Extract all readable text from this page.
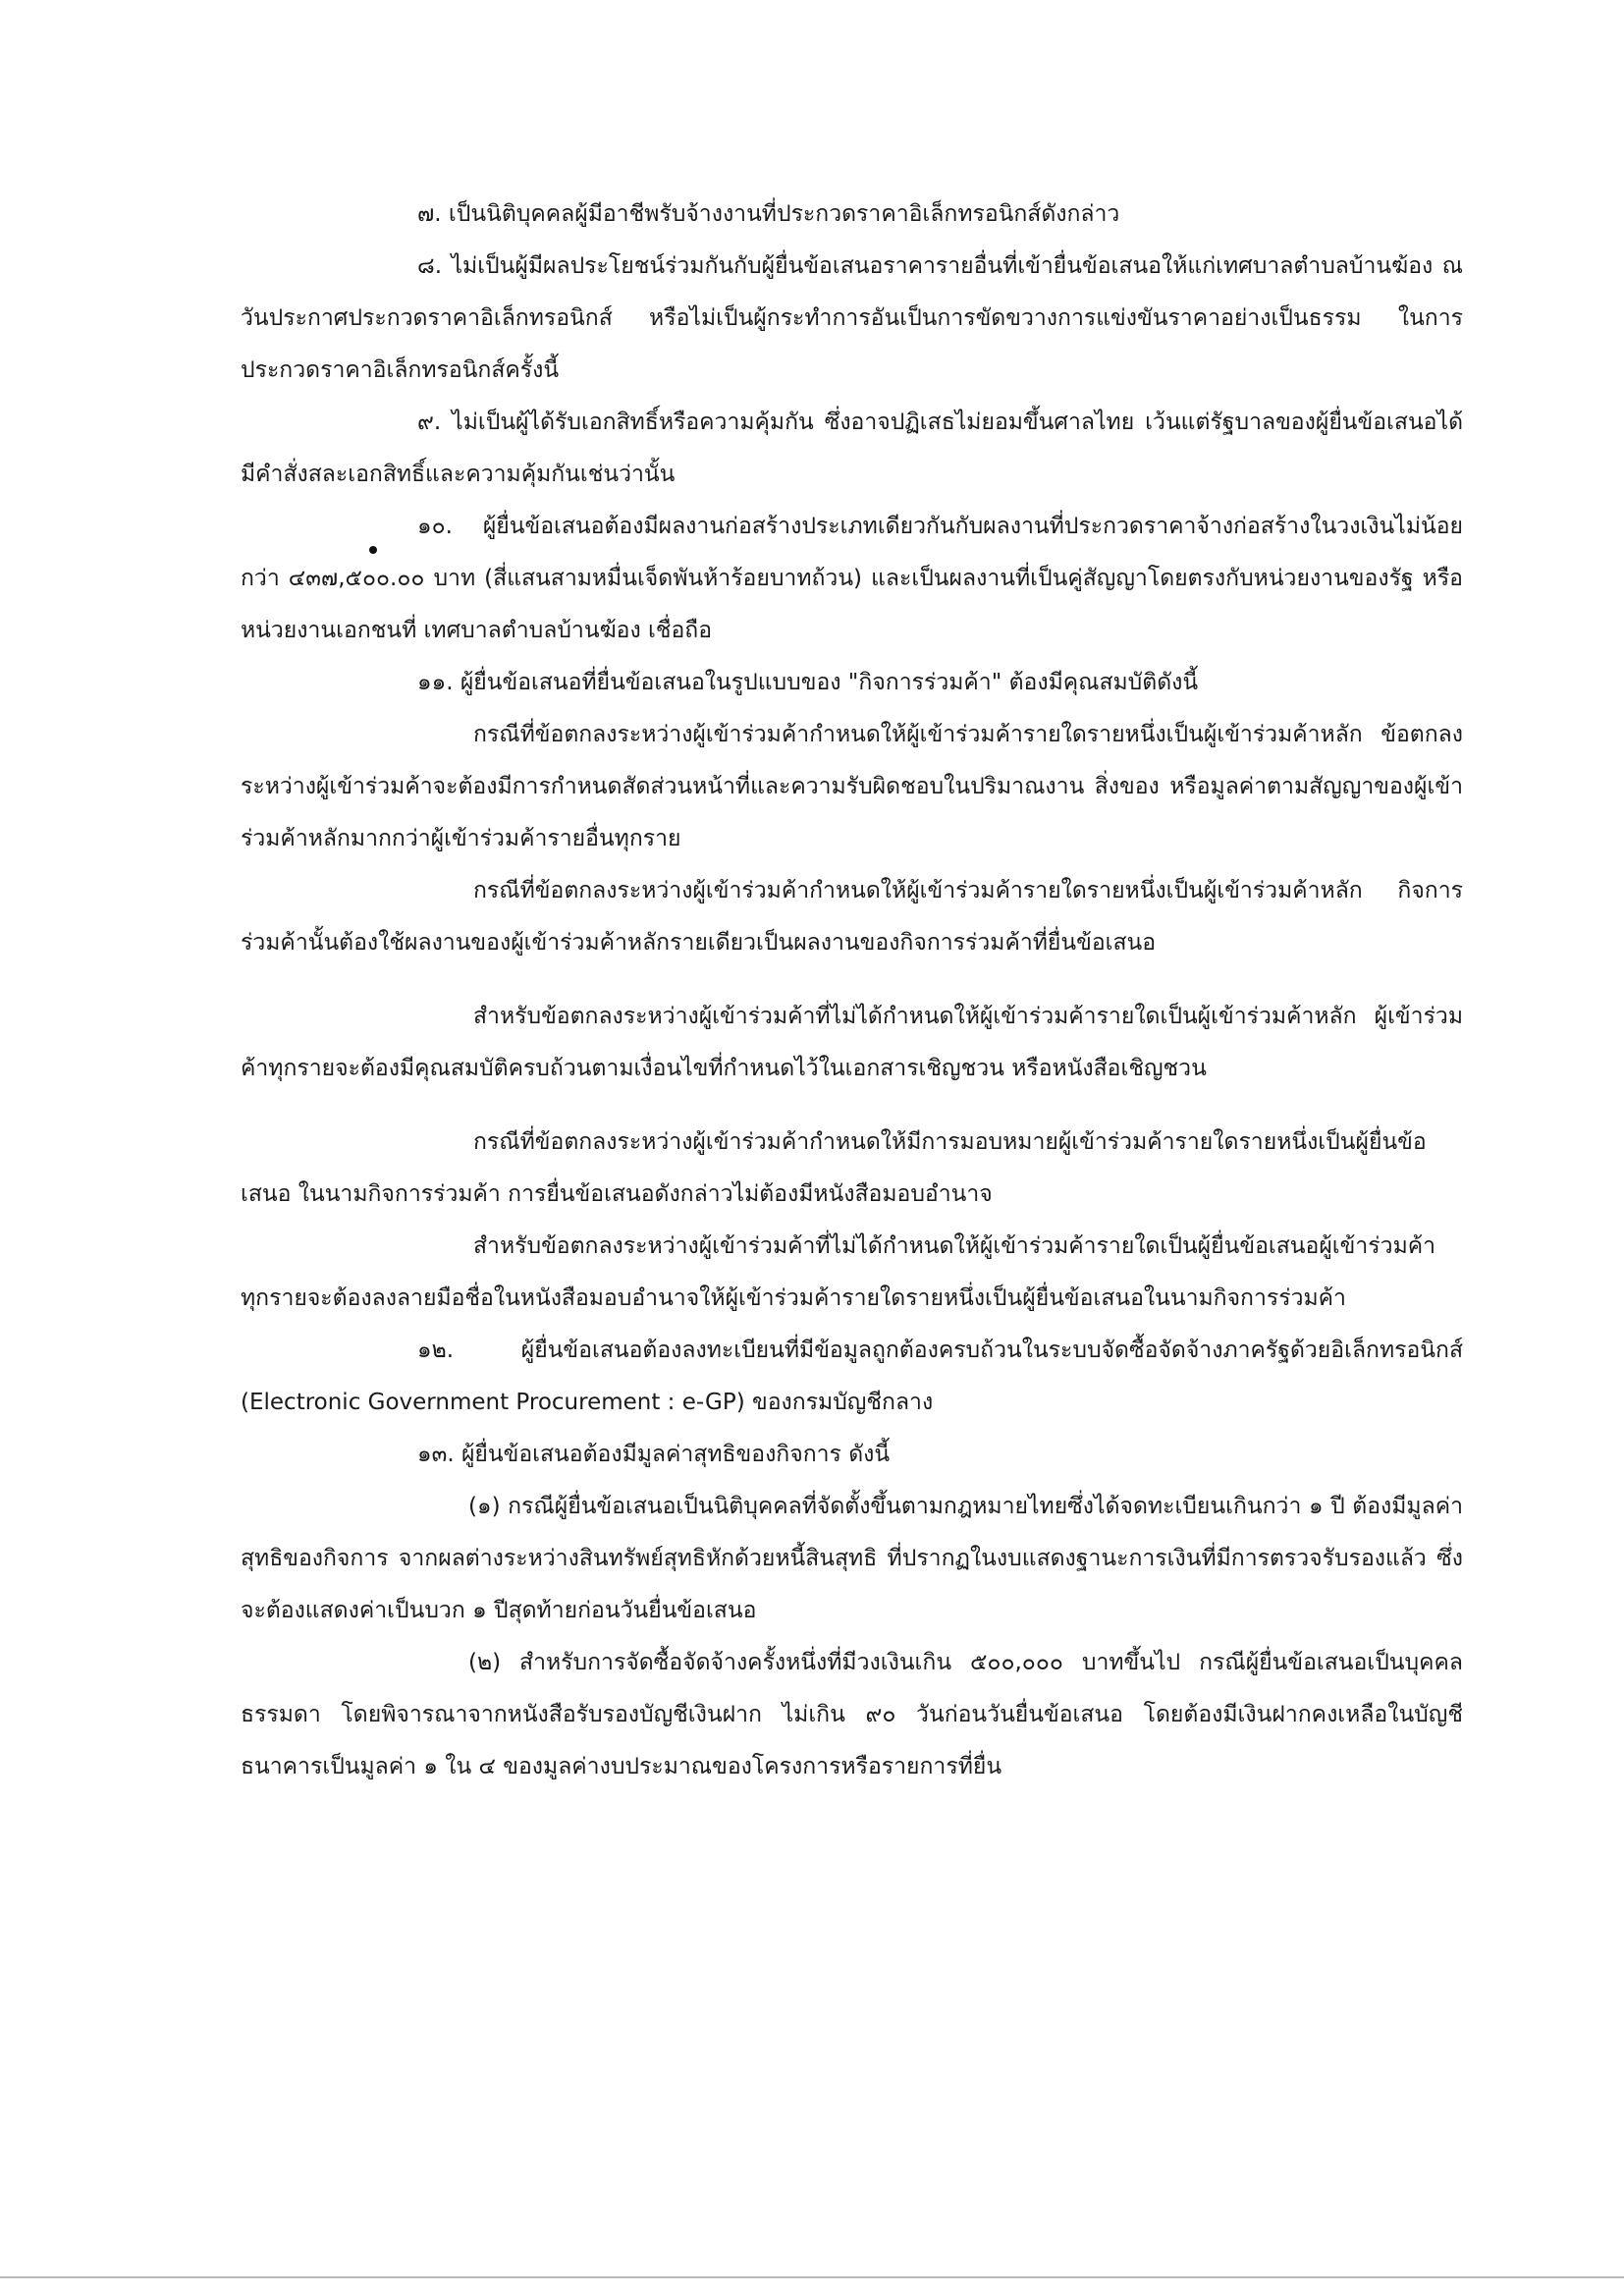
๗. เป็นนิติบุคคลผู้มีอาชีพรับจ้างงานที่ประกวดราคาอิเล็กทรอนิกส์ดังกล่าว

๘. ไม่เป็นผู้มีผลประโยชน์ร่วมกันกับผู้ยื่นข้อเสนอราคารายอื่นที่เข้ายื่นข้อเสนอให้แก่เทศบาลตำบลบ้านฆ้อง ณ วันประกาศประกวดราคาอิเล็กทรอนิกส์ หรือไม่เป็นผู้กระทำการอันเป็นการขัดขวางการแข่งขันราคาอย่างเป็นธรรม ในการประกวดราคาอิเล็กทรอนิกส์ครั้งนี้

๙. ไม่เป็นผู้ได้รับเอกสิทธิ์หรือความคุ้มกัน ซึ่งอาจปฏิเสธไม่ยอมขึ้นศาลไทย เว้นแต่รัฐบาลของผู้ยื่นข้อเสนอได้มีคำสั่งสละเอกสิทธิ์และความคุ้มกันเช่นว่านั้น

๑๐. ผู้ยื่นข้อเสนอต้องมีผลงานก่อสร้างประเภทเดียวกันกับผลงานที่ประกวดราคาจ้างก่อสร้างในวงเงินไม่น้อยกว่า ๔๓๗,๕๐๐.๐๐ บาท (สี่แสนสามหมื่นเจ็ดพันห้าร้อยบาทถ้วน) และเป็นผลงานที่เป็นคู่สัญญาโดยตรงกับหน่วยงานของรัฐ หรือหน่วยงานเอกชนที่ เทศบาลตำบลบ้านฆ้อง เชื่อถือ

๑๑. ผู้ยื่นข้อเสนอที่ยื่นข้อเสนอในรูปแบบของ "กิจการร่วมค้า" ต้องมีคุณสมบัติดังนี้

กรณีที่ข้อตกลงระหว่างผู้เข้าร่วมค้ากำหนดให้ผู้เข้าร่วมค้ารายใดรายหนึ่งเป็นผู้เข้าร่วมค้าหลัก ข้อตกลงระหว่างผู้เข้าร่วมค้าจะต้องมีการกำหนดสัดส่วนหน้าที่และความรับผิดชอบในปริมาณงาน สิ่งของ หรือมูลค่าตามสัญญาของผู้เข้าร่วมค้าหลักมากกว่าผู้เข้าร่วมค้ารายอื่นทุกราย

กรณีที่ข้อตกลงระหว่างผู้เข้าร่วมค้ากำหนดให้ผู้เข้าร่วมค้ารายใดรายหนึ่งเป็นผู้เข้าร่วมค้าหลัก กิจการร่วมค้านั้นต้องใช้ผลงานของผู้เข้าร่วมค้าหลักรายเดียวเป็นผลงานของกิจการร่วมค้าที่ยื่นข้อเสนอ

สำหรับข้อตกลงระหว่างผู้เข้าร่วมค้าที่ไม่ได้กำหนดให้ผู้เข้าร่วมค้ารายใดเป็นผู้เข้าร่วมค้าหลัก ผู้เข้าร่วมค้าทุกรายจะต้องมีคุณสมบัติครบถ้วนตามเงื่อนไขที่กำหนดไว้ในเอกสารเชิญชวน หรือหนังสือเชิญชวน

กรณีที่ข้อตกลงระหว่างผู้เข้าร่วมค้ากำหนดให้มีการมอบหมายผู้เข้าร่วมค้ารายใดรายหนึ่งเป็นผู้ยื่นข้อเสนอ ในนามกิจการร่วมค้า การยื่นข้อเสนอดังกล่าวไม่ต้องมีหนังสือมอบอำนาจ

สำหรับข้อตกลงระหว่างผู้เข้าร่วมค้าที่ไม่ได้กำหนดให้ผู้เข้าร่วมค้ารายใดเป็นผู้ยื่นข้อเสนอผู้เข้าร่วมค้าทุกรายจะต้องลงลายมือชื่อในหนังสือมอบอำนาจให้ผู้เข้าร่วมค้ารายใดรายหนึ่งเป็นผู้ยื่นข้อเสนอในนามกิจการร่วมค้า

๑๒. ผู้ยื่นข้อเสนอต้องลงทะเบียนที่มีข้อมูลถูกต้องครบถ้วนในระบบจัดซื้อจัดจ้างภาครัฐด้วยอิเล็กทรอนิกส์ (Electronic Government Procurement : e-GP) ของกรมบัญชีกลาง

๑๓. ผู้ยื่นข้อเสนอต้องมีมูลค่าสุทธิของกิจการ ดังนี้

(๑) กรณีผู้ยื่นข้อเสนอเป็นนิติบุคคลที่จัดตั้งขึ้นตามกฎหมายไทยซึ่งได้จดทะเบียนเกินกว่า ๑ ปี ต้องมีมูลค่าสุทธิของกิจการ จากผลต่างระหว่างสินทรัพย์สุทธิหักด้วยหนี้สินสุทธิ ที่ปรากฏในงบแสดงฐานะการเงินที่มีการตรวจรับรองแล้ว ซึ่งจะต้องแสดงค่าเป็นบวก ๑ ปีสุดท้ายก่อนวันยื่นข้อเสนอ

(๒) สำหรับการจัดซื้อจัดจ้างครั้งหนึ่งที่มีวงเงินเกิน ๕๐๐,๐๐๐ บาทขึ้นไป กรณีผู้ยื่นข้อเสนอเป็นบุคคลธรรมดา โดยพิจารณาจากหนังสือรับรองบัญชีเงินฝาก ไม่เกิน ๙๐ วันก่อนวันยื่นข้อเสนอ โดยต้องมีเงินฝากคงเหลือในบัญชีธนาคารเป็นมูลค่า ๑ ใน ๔ ของมูลค่างบประมาณของโครงการหรือรายการที่ยื่น
